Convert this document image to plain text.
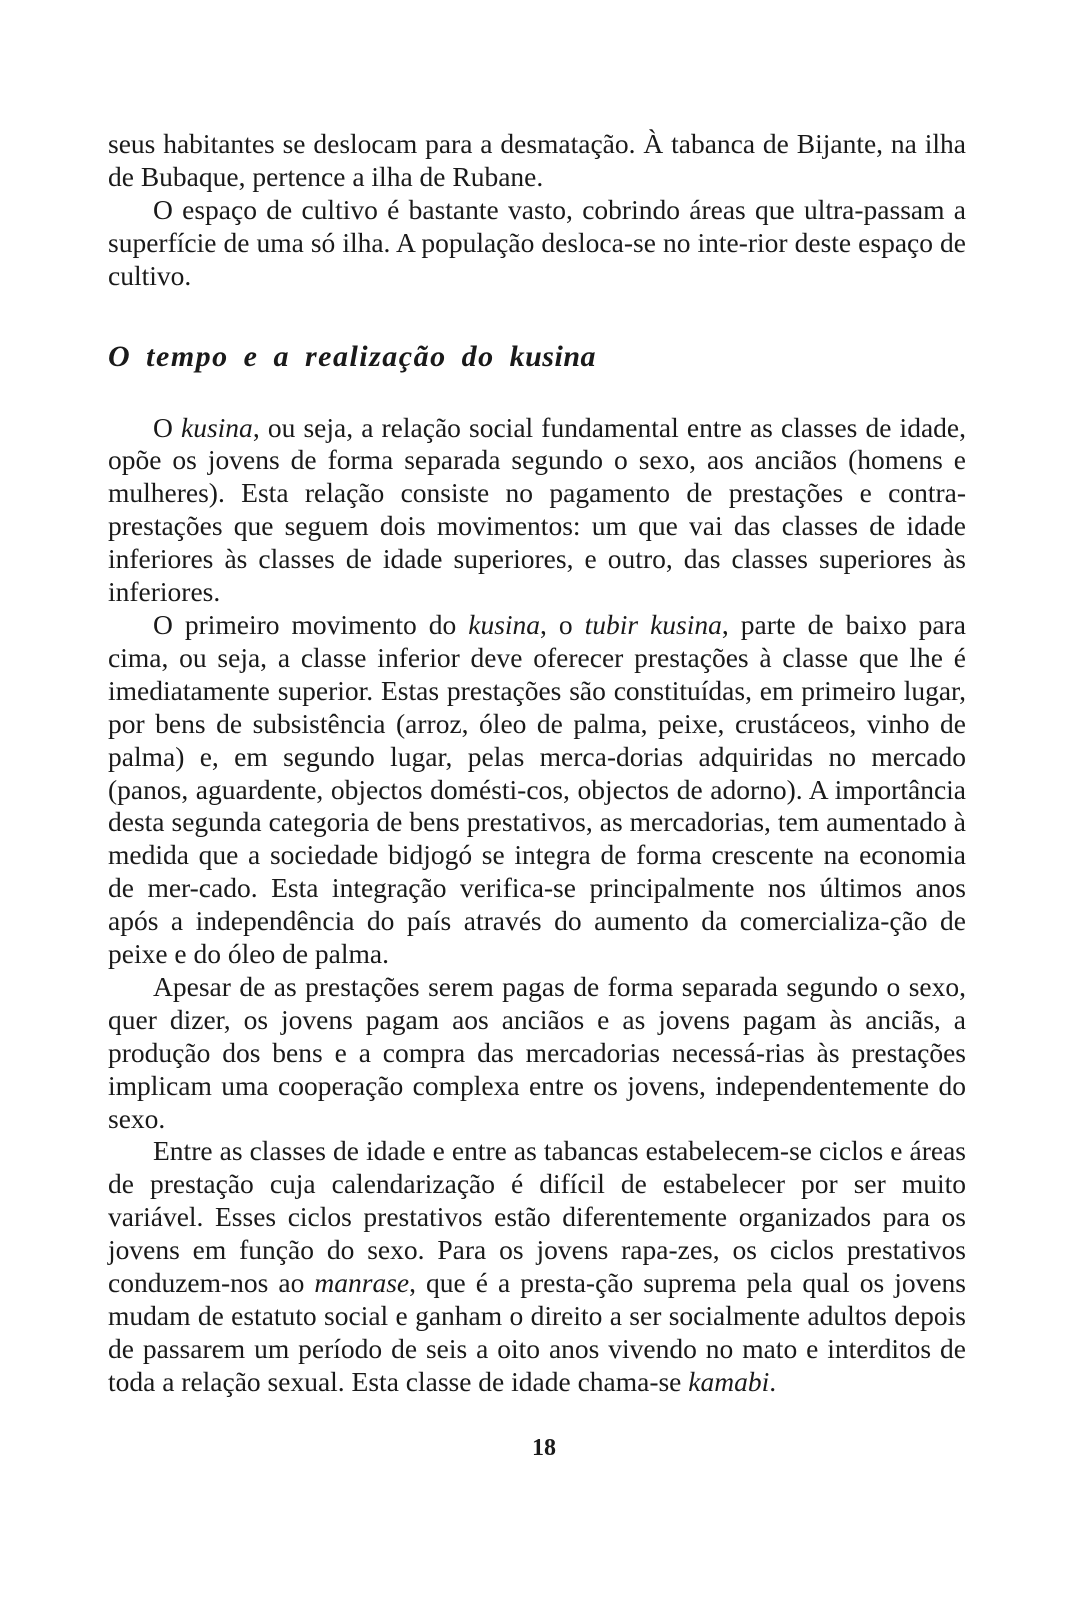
seus habitantes se deslocam para a desmatação. À tabanca de Bijante, na ilha de Bubaque, pertence a ilha de Rubane.

O espaço de cultivo é bastante vasto, cobrindo áreas que ultra-passam a superfície de uma só ilha. A população desloca-se no inte-rior deste espaço de cultivo.

O tempo e a realização do kusina

O kusina, ou seja, a relação social fundamental entre as classes de idade, opõe os jovens de forma separada segundo o sexo, aos anciãos (homens e mulheres). Esta relação consiste no pagamento de prestações e contra-prestações que seguem dois movimentos: um que vai das classes de idade inferiores às classes de idade superiores, e outro, das classes superiores às inferiores.

O primeiro movimento do kusina, o tubir kusina, parte de baixo para cima, ou seja, a classe inferior deve oferecer prestações à classe que lhe é imediatamente superior. Estas prestações são constituídas, em primeiro lugar, por bens de subsistência (arroz, óleo de palma, peixe, crustáceos, vinho de palma) e, em segundo lugar, pelas merca-dorias adquiridas no mercado (panos, aguardente, objectos domésti-cos, objectos de adorno). A importância desta segunda categoria de bens prestativos, as mercadorias, tem aumentado à medida que a sociedade bidjogó se integra de forma crescente na economia de mer-cado. Esta integração verifica-se principalmente nos últimos anos após a independência do país através do aumento da comercializa-ção de peixe e do óleo de palma.

Apesar de as prestações serem pagas de forma separada segundo o sexo, quer dizer, os jovens pagam aos anciãos e as jovens pagam às anciãs, a produção dos bens e a compra das mercadorias necessá-rias às prestações implicam uma cooperação complexa entre os jovens, independentemente do sexo.

Entre as classes de idade e entre as tabancas estabelecem-se ciclos e áreas de prestação cuja calendarização é difícil de estabelecer por ser muito variável. Esses ciclos prestativos estão diferentemente organizados para os jovens em função do sexo. Para os jovens rapa-zes, os ciclos prestativos conduzem-nos ao manrase, que é a presta-ção suprema pela qual os jovens mudam de estatuto social e ganham o direito a ser socialmente adultos depois de passarem um período de seis a oito anos vivendo no mato e interditos de toda a relação sexual. Esta classe de idade chama-se kamabi.

18
